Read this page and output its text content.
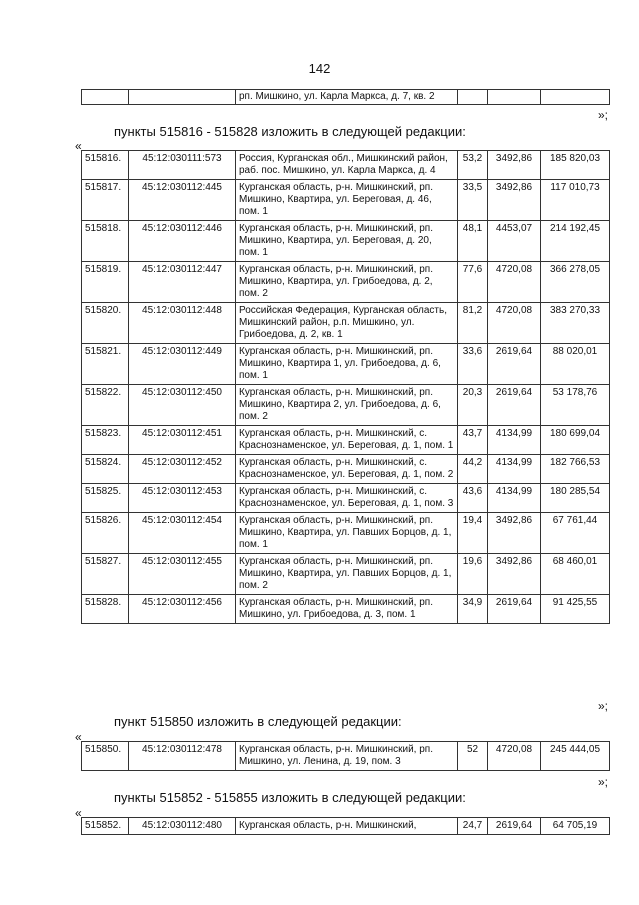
142
		рп. Мишкино, ул. Карла Маркса, д. 7, кв. 2			
»;
пункты 515816 - 515828 изложить в следующей редакции:
«
515816.	45:12:030111:573	Россия, Курганская обл., Мишкинский район, раб. пос. Мишкино, ул. Карла Маркса, д. 4	53,2	3492,86	185 820,03
515817.	45:12:030112:445	Курганская область, р-н. Мишкинский, рп. Мишкино, Квартира, ул. Береговая, д. 46, пом. 1	33,5	3492,86	117 010,73
515818.	45:12:030112:446	Курганская область, р-н. Мишкинский, рп. Мишкино, Квартира, ул. Береговая, д. 20, пом. 1	48,1	4453,07	214 192,45
515819.	45:12:030112:447	Курганская область, р-н. Мишкинский, рп. Мишкино, Квартира, ул. Грибоедова, д. 2, пом. 2	77,6	4720,08	366 278,05
515820.	45:12:030112:448	Российская Федерация, Курганская область, Мишкинский район, р.п. Мишкино, ул. Грибоедова, д. 2, кв. 1	81,2	4720,08	383 270,33
515821.	45:12:030112:449	Курганская область, р-н. Мишкинский, рп. Мишкино, Квартира 1, ул. Грибоедова, д. 6, пом. 1	33,6	2619,64	88 020,01
515822.	45:12:030112:450	Курганская область, р-н. Мишкинский, рп. Мишкино, Квартира 2, ул. Грибоедова, д. 6, пом. 2	20,3	2619,64	53 178,76
515823.	45:12:030112:451	Курганская область, р-н. Мишкинский, с. Краснознаменское, ул. Береговая, д. 1, пом. 1	43,7	4134,99	180 699,04
515824.	45:12:030112:452	Курганская область, р-н. Мишкинский, с. Краснознаменское, ул. Береговая, д. 1, пом. 2	44,2	4134,99	182 766,53
515825.	45:12:030112:453	Курганская область, р-н. Мишкинский, с. Краснознаменское, ул. Береговая, д. 1, пом. 3	43,6	4134,99	180 285,54
515826.	45:12:030112:454	Курганская область, р-н. Мишкинский, рп. Мишкино, Квартира, ул. Павших Борцов, д. 1, пом. 1	19,4	3492,86	67 761,44
515827.	45:12:030112:455	Курганская область, р-н. Мишкинский, рп. Мишкино, Квартира, ул. Павших Борцов, д. 1, пом. 2	19,6	3492,86	68 460,01
515828.	45:12:030112:456	Курганская область, р-н. Мишкинский, рп. Мишкино, ул. Грибоедова, д. 3, пом. 1	34,9	2619,64	91 425,55
»;
пункт 515850 изложить в следующей редакции:
«
515850.	45:12:030112:478	Курганская область, р-н. Мишкинский, рп. Мишкино, ул. Ленина, д. 19, пом. 3	52	4720,08	245 444,05
»;
пункты 515852 - 515855 изложить в следующей редакции:
«
515852.	45:12:030112:480	Курганская область, р-н. Мишкинский,	24,7	2619,64	64 705,19
